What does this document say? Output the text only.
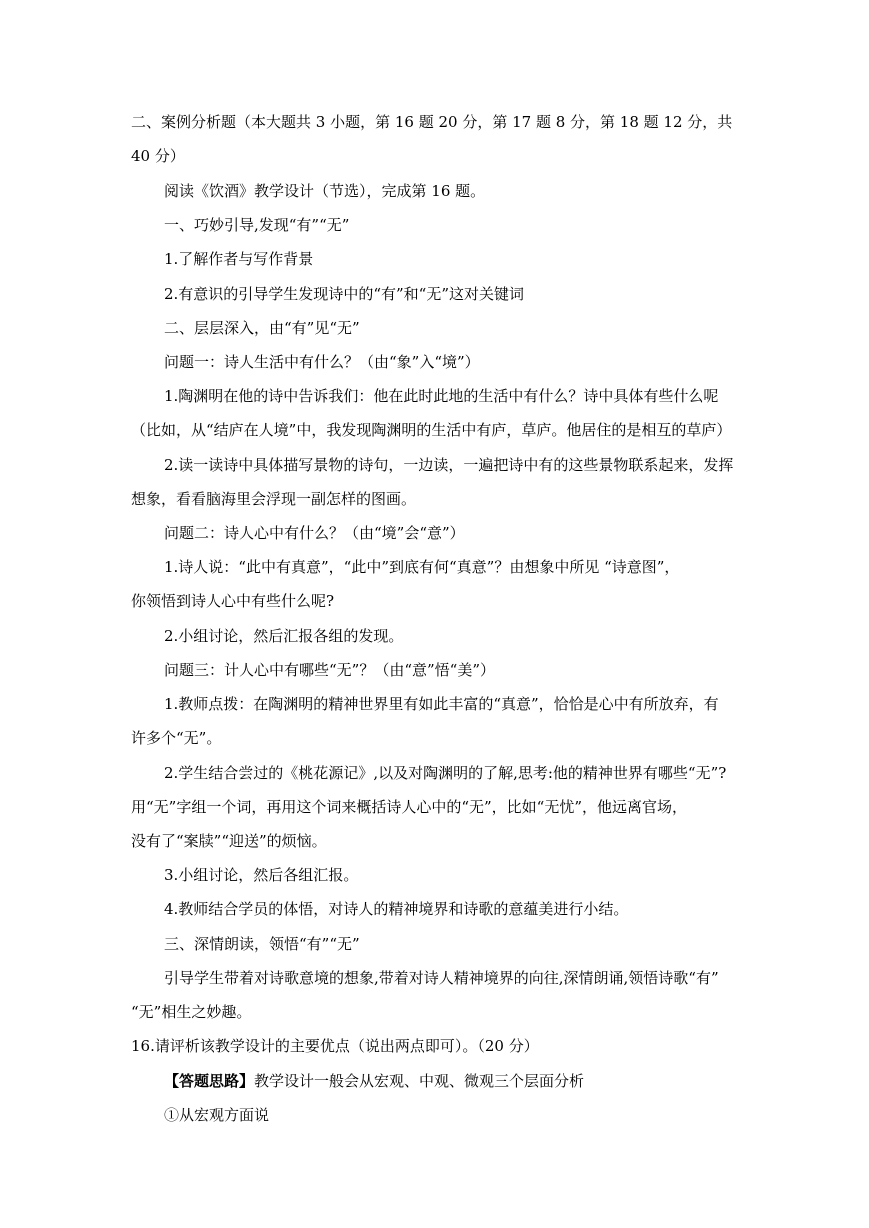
二、案例分析题（本大题共 3 小题，第 16 题 20 分，第 17 题 8 分，第 18 题 12 分，共
40 分）
阅读《饮酒》教学设计（节选），完成第 16 题。
一、巧妙引导,发现“有”“无”
1.了解作者与写作背景
2.有意识的引导学生发现诗中的“有”和“无”这对关键词
二、层层深入，由“有”见“无”
问题一：诗人生活中有什么？（由“象”入“境”）
1.陶渊明在他的诗中告诉我们：他在此时此地的生活中有什么？诗中具体有些什么呢
（比如，从“结庐在人境”中，我发现陶渊明的生活中有庐，草庐。他居住的是相互的草庐）
2.读一读诗中具体描写景物的诗句，一边读，一遍把诗中有的这些景物联系起来，发挥
想象，看看脑海里会浮现一副怎样的图画。
问题二：诗人心中有什么？（由“境”会“意”）
1.诗人说：“此中有真意”，“此中”到底有何“真意”？由想象中所见 “诗意图”，
你领悟到诗人心中有些什么呢?
2.小组讨论，然后汇报各组的发现。
问题三：计人心中有哪些“无”？（由“意”悟“美”）
1.教师点拨：在陶渊明的精神世界里有如此丰富的“真意”，恰恰是心中有所放弃，有
许多个“无”。
2.学生结合尝过的《桃花源记》,以及对陶渊明的了解,思考:他的精神世界有哪些“无”?
用“无”字组一个词，再用这个词来概括诗人心中的“无”，比如“无忧”，他远离官场，
没有了“案牍”“迎送”的烦恼。
3.小组讨论，然后各组汇报。
4.教师结合学员的体悟，对诗人的精神境界和诗歌的意蕴美进行小结。
三、深情朗读，领悟“有”“无”
引导学生带着对诗歌意境的想象,带着对诗人精神境界的向往,深情朗诵,领悟诗歌“有”
“无”相生之妙趣。
16.请评析该教学设计的主要优点（说出两点即可）。（20 分）
【答题思路】教学设计一般会从宏观、中观、微观三个层面分析
①从宏观方面说
